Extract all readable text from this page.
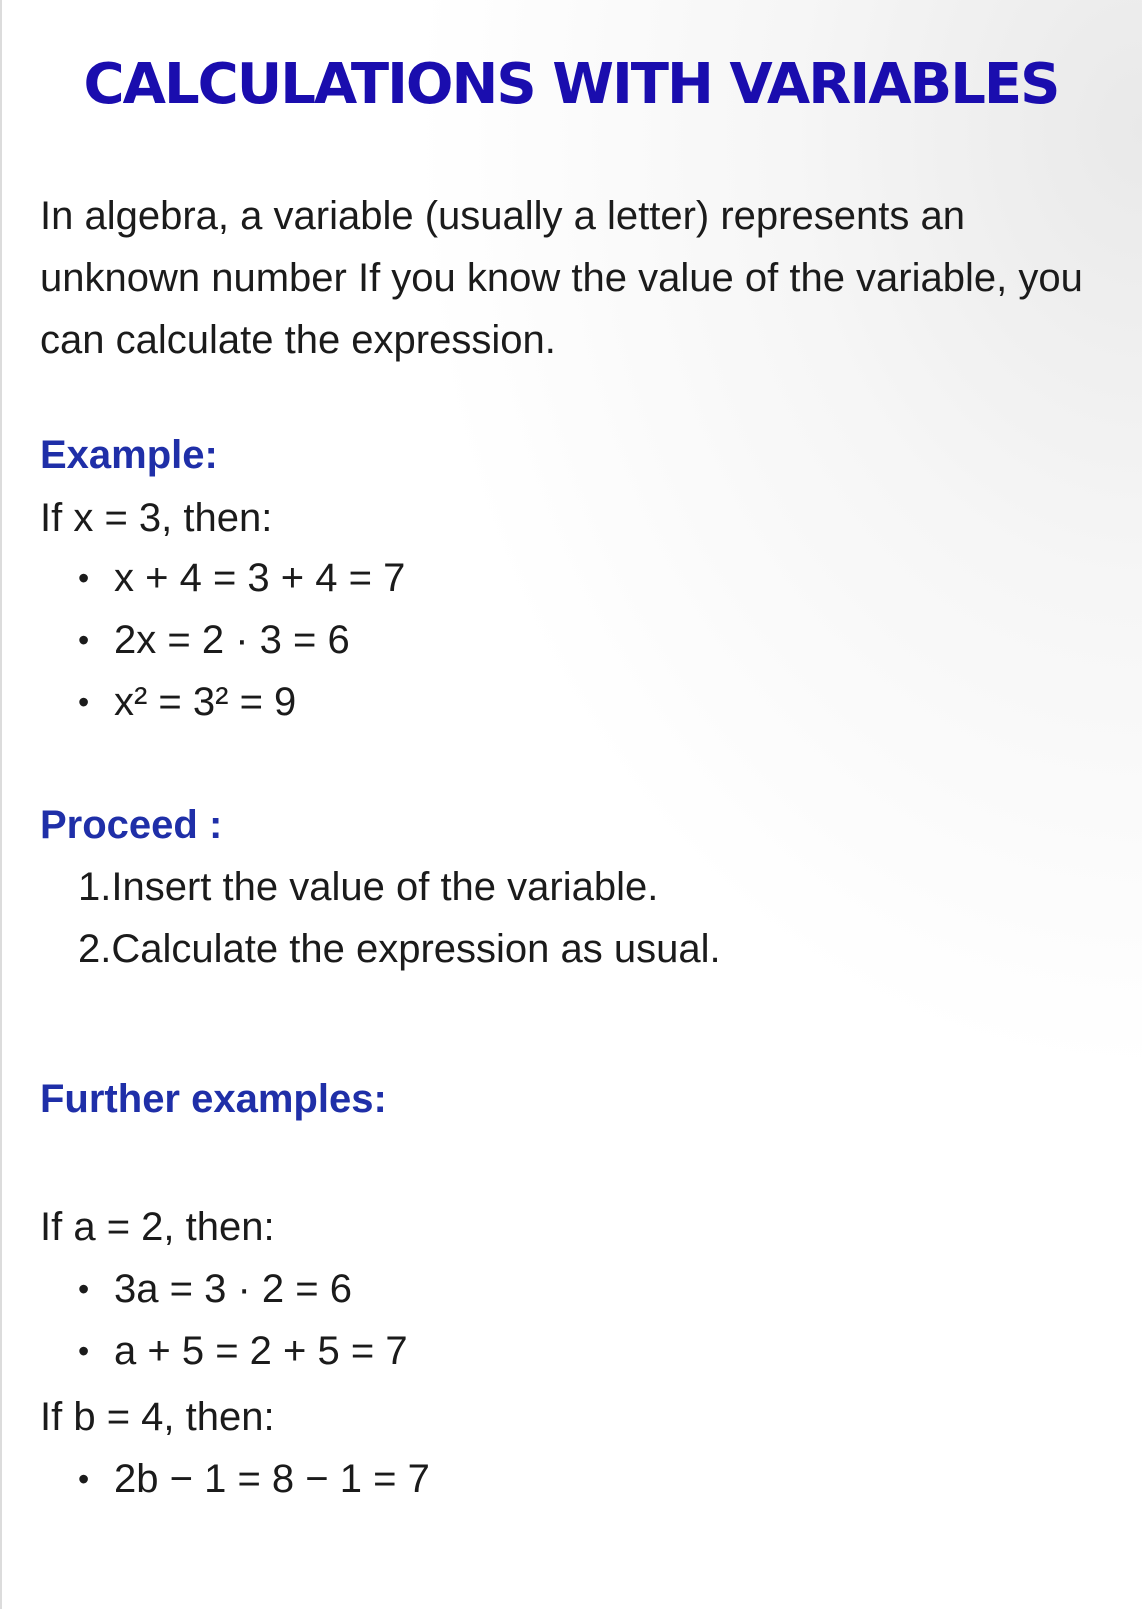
CALCULATIONS WITH VARIABLES

In algebra, a variable (usually a letter) represents an unknown number If you know the value of the variable, you can calculate the expression.

Example:

If x = 3, then:

• x + 4 = 3 + 4 = 7
• 2x = 2 · 3 = 6
• x² = 3² = 9
Proceed :
1.Insert the value of the variable.
2.Calculate the expression as usual.
Further examples:

If a = 2, then:

• 3a = 3 · 2 = 6
• a + 5 = 2 + 5 = 7

If b = 4, then:

• 2b − 1 = 8 − 1 = 7
